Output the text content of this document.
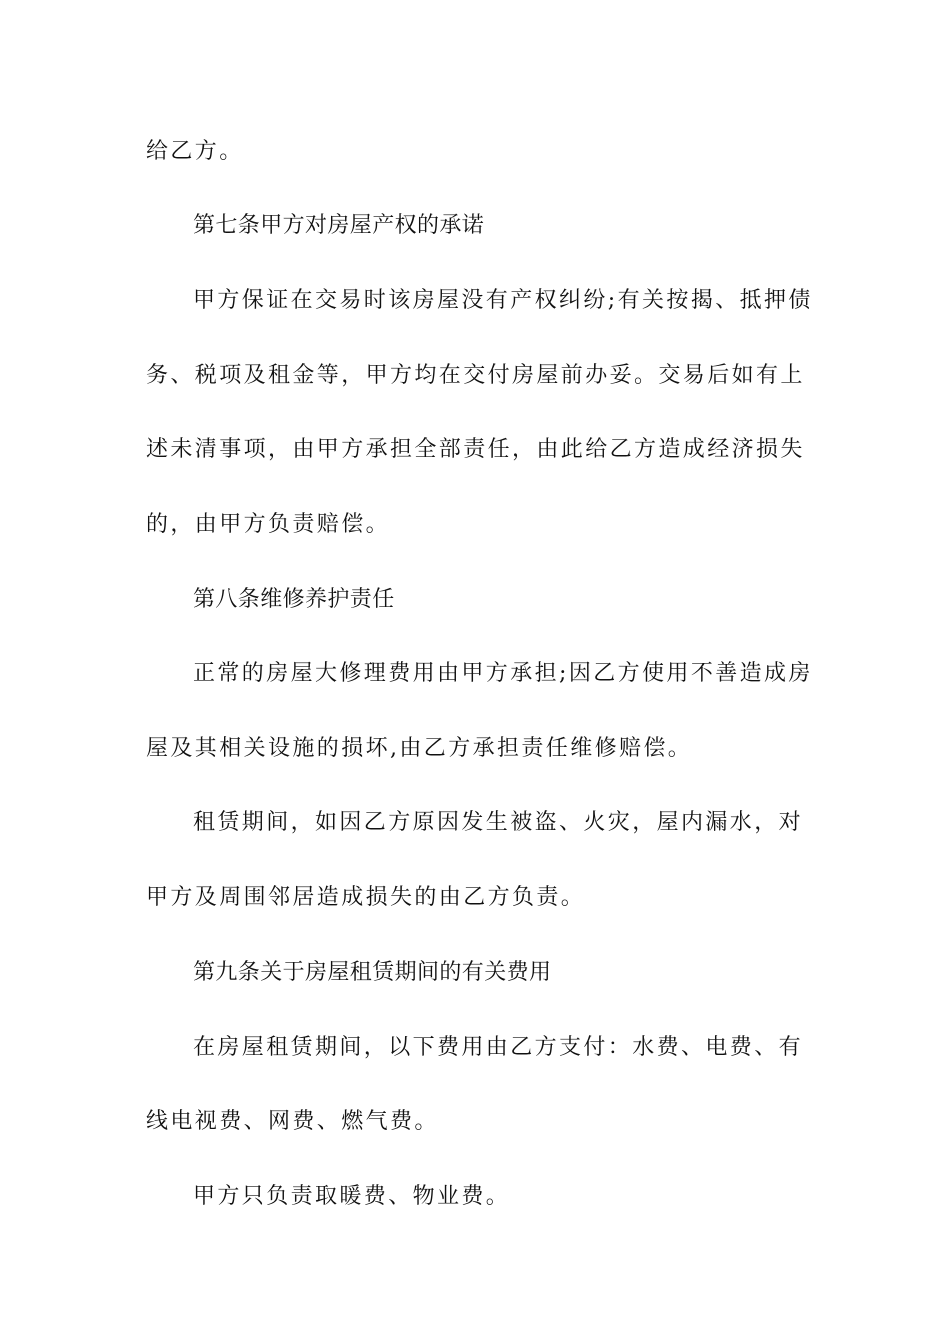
给乙方。

第七条甲方对房屋产权的承诺

甲方保证在交易时该房屋没有产权纠纷;有关按揭、抵押债

务、税项及租金等，甲方均在交付房屋前办妥。交易后如有上

述未清事项，由甲方承担全部责任，由此给乙方造成经济损失

的，由甲方负责赔偿。

第八条维修养护责任

正常的房屋大修理费用由甲方承担;因乙方使用不善造成房

屋及其相关设施的损坏,由乙方承担责任维修赔偿。

租赁期间，如因乙方原因发生被盗、火灾，屋内漏水，对

甲方及周围邻居造成损失的由乙方负责。

第九条关于房屋租赁期间的有关费用

在房屋租赁期间，以下费用由乙方支付：水费、电费、有

线电视费、网费、燃气费。

甲方只负责取暖费、物业费。
